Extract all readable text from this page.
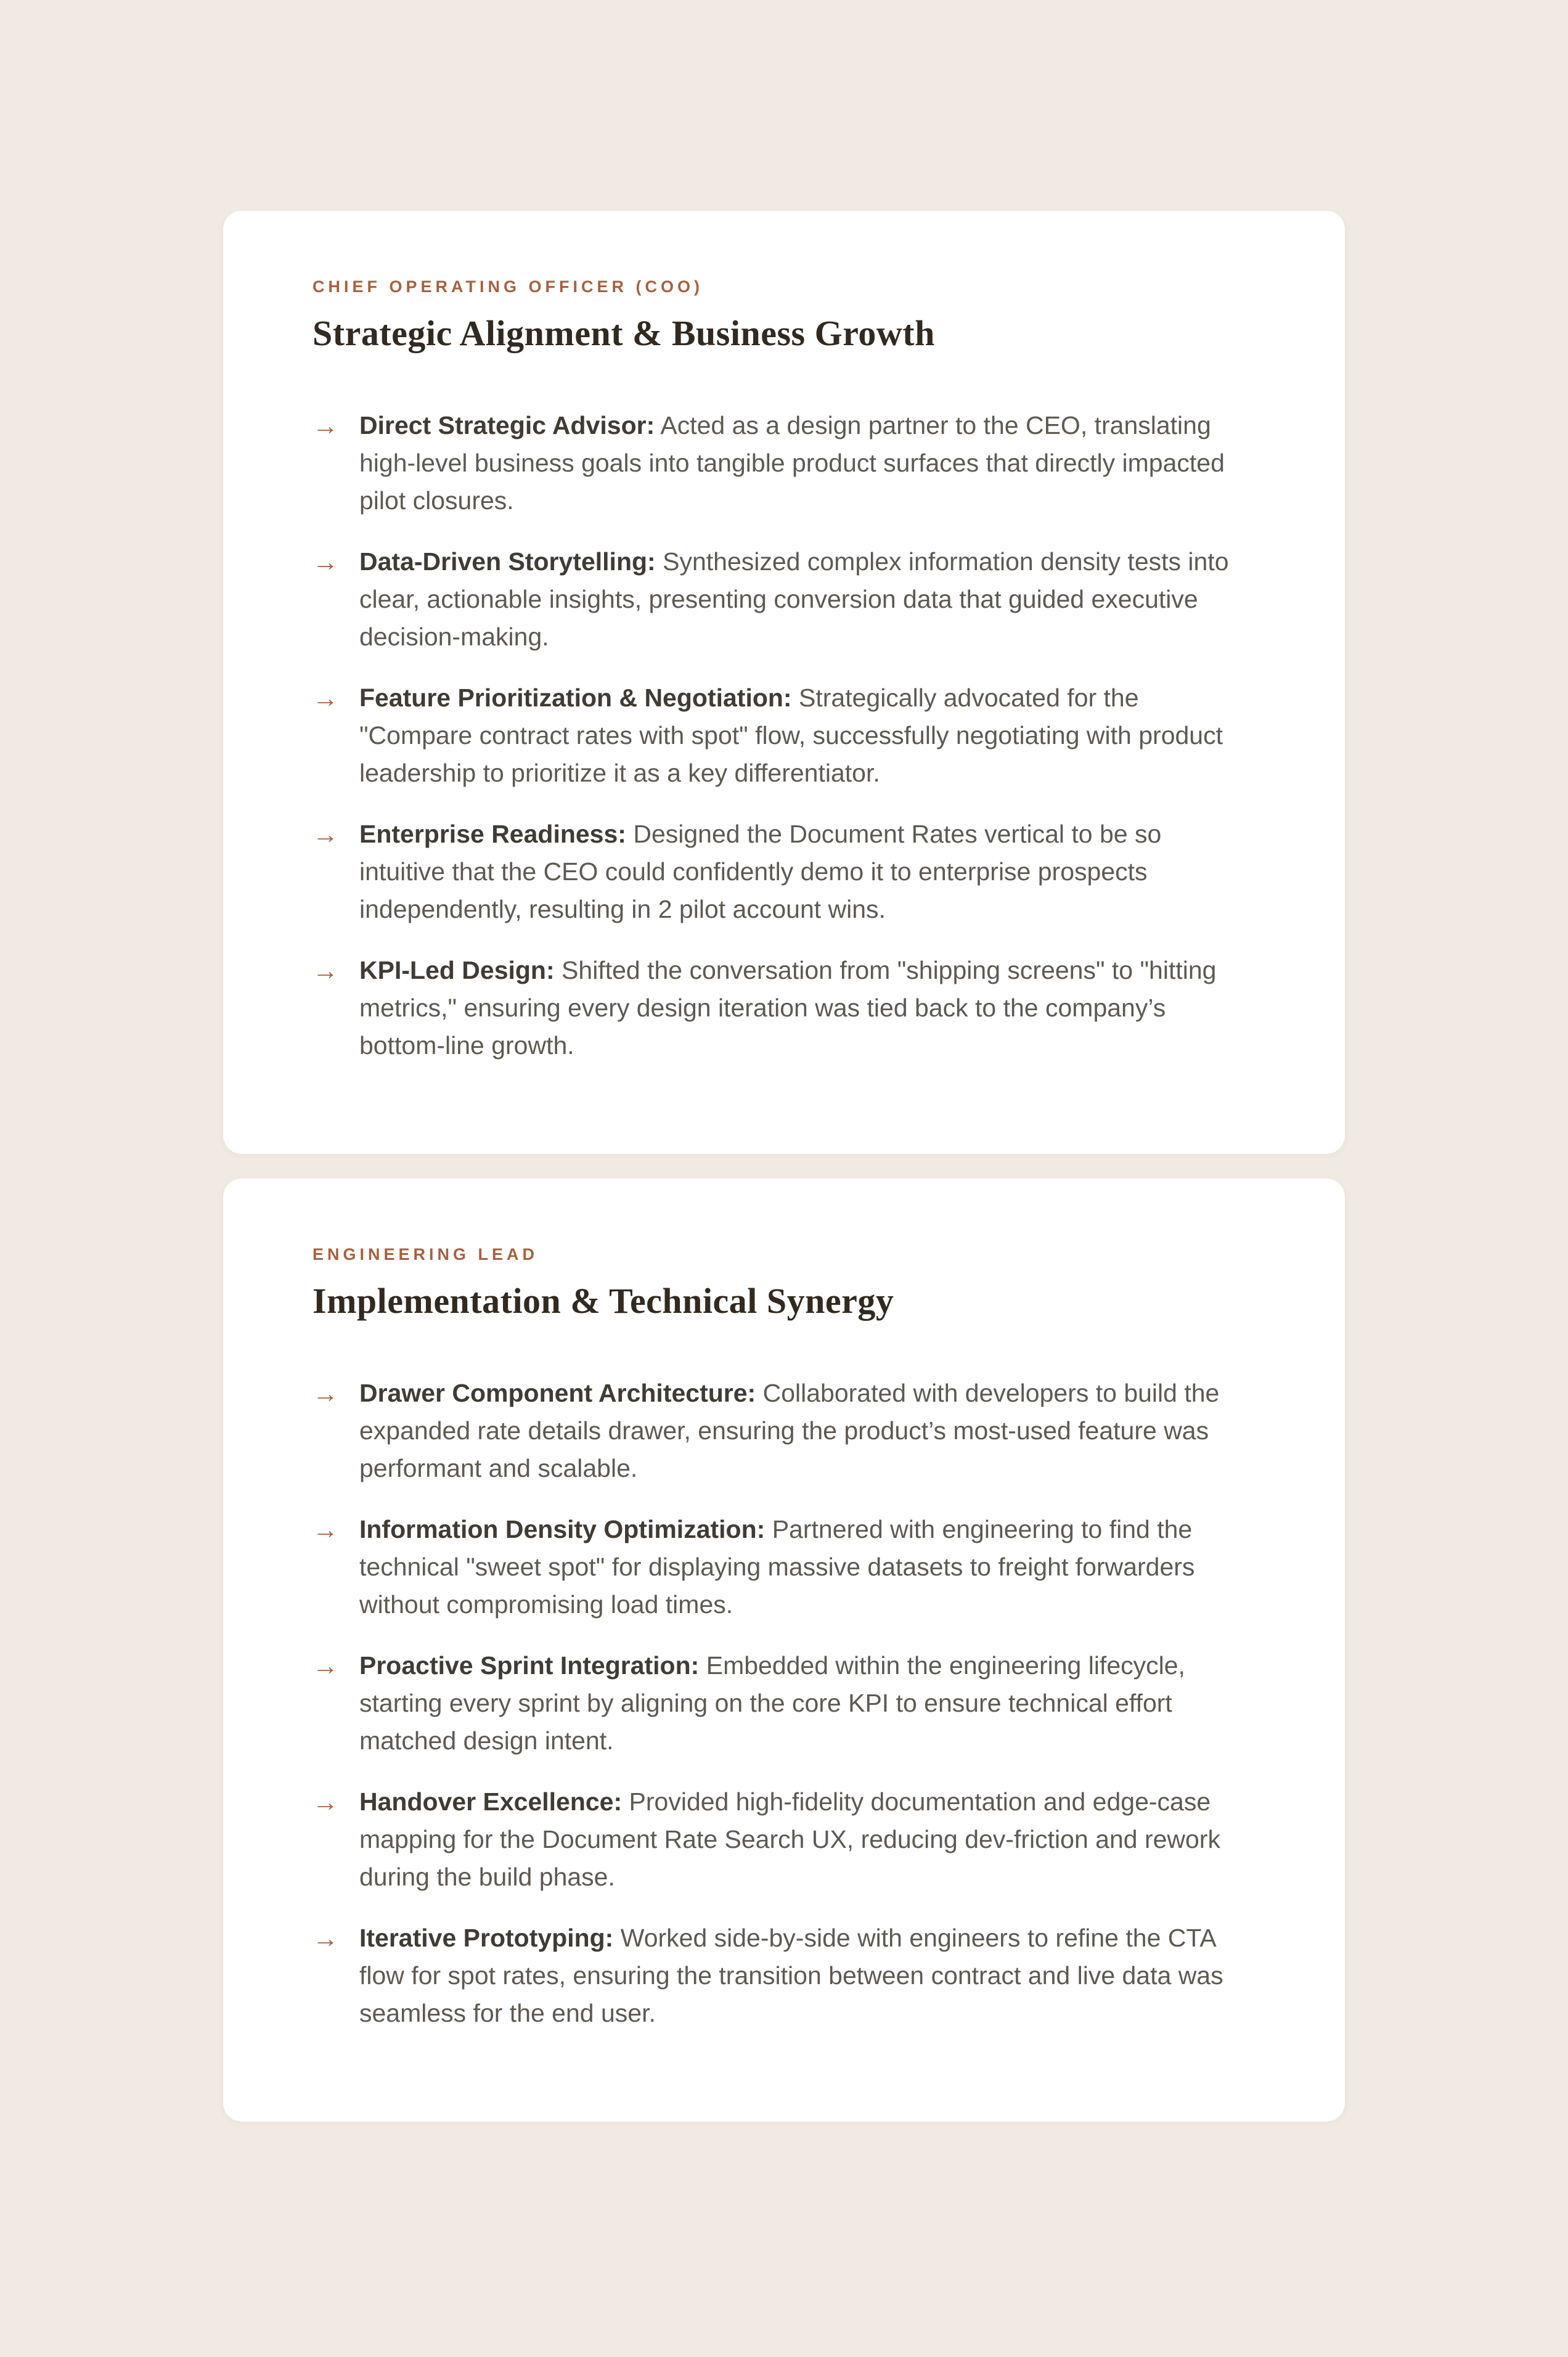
CHIEF OPERATING OFFICER (COO)
Strategic Alignment & Business Growth
→ Direct Strategic Advisor: Acted as a design partner to the CEO, translating high-level business goals into tangible product surfaces that directly impacted pilot closures.

→ Data-Driven Storytelling: Synthesized complex information density tests into clear, actionable insights, presenting conversion data that guided executive decision-making.

→ Feature Prioritization & Negotiation: Strategically advocated for the "Compare contract rates with spot" flow, successfully negotiating with product leadership to prioritize it as a key differentiator.

→ Enterprise Readiness: Designed the Document Rates vertical to be so intuitive that the CEO could confidently demo it to enterprise prospects independently, resulting in 2 pilot account wins.

→ KPI-Led Design: Shifted the conversation from "shipping screens" to "hitting metrics," ensuring every design iteration was tied back to the company’s bottom-line growth.

ENGINEERING LEAD
Implementation & Technical Synergy
→ Drawer Component Architecture: Collaborated with developers to build the expanded rate details drawer, ensuring the product’s most-used feature was performant and scalable.

→ Information Density Optimization: Partnered with engineering to find the technical "sweet spot" for displaying massive datasets to freight forwarders without compromising load times.

→ Proactive Sprint Integration: Embedded within the engineering lifecycle, starting every sprint by aligning on the core KPI to ensure technical effort matched design intent.

→ Handover Excellence: Provided high-fidelity documentation and edge-case mapping for the Document Rate Search UX, reducing dev-friction and rework during the build phase.

→ Iterative Prototyping: Worked side-by-side with engineers to refine the CTA flow for spot rates, ensuring the transition between contract and live data was seamless for the end user.
